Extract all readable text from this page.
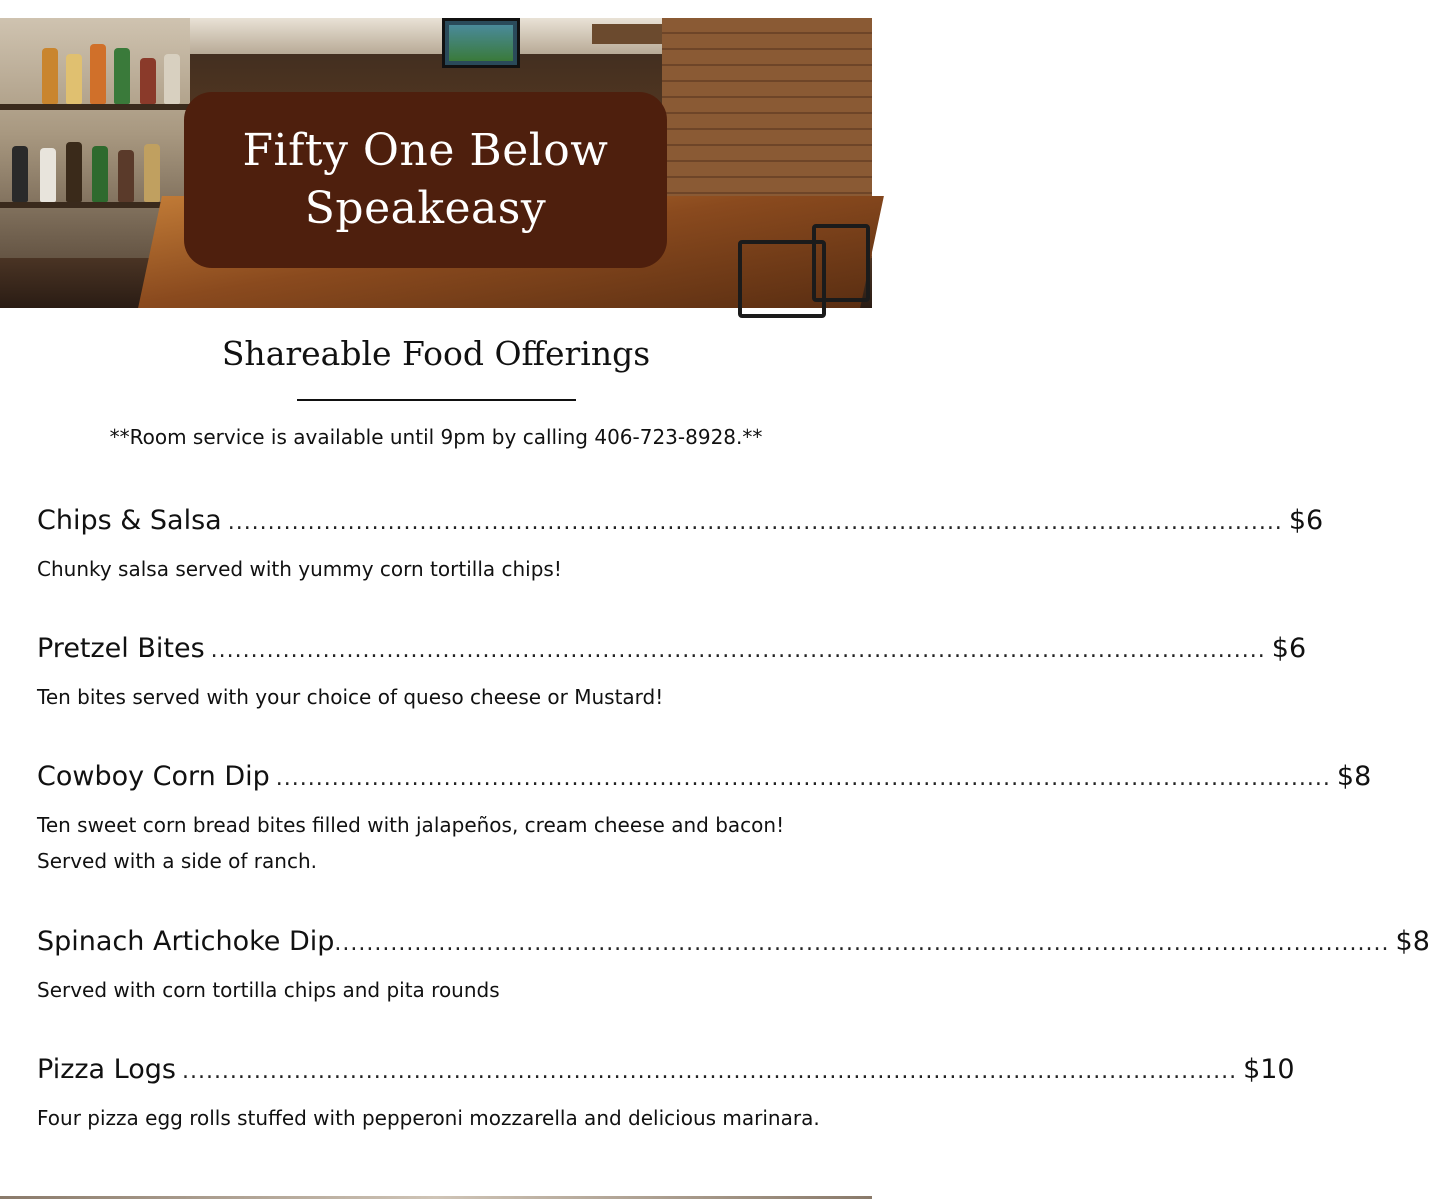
Fifty One Below
Speakeasy
Shareable Food Offerings
**Room service is available until 9pm by calling 406-723-8928.**
Chips & Salsa .................................................................................................................................... $6
Chunky salsa served with yummy corn tortilla chips!
Pretzel Bites .................................................................................................................................... $6
Ten bites served with your choice of queso cheese or Mustard!
Cowboy Corn Dip .................................................................................................................................... $8
Ten sweet corn bread bites filled with jalapeños, cream cheese and bacon! Served with a side of ranch.
Spinach Artichoke Dip .................................................................................................................................... $8
Served with corn tortilla chips and pita rounds
Pizza Logs .................................................................................................................................... $10
Four pizza egg rolls stuffed with pepperoni mozzarella and delicious marinara.
